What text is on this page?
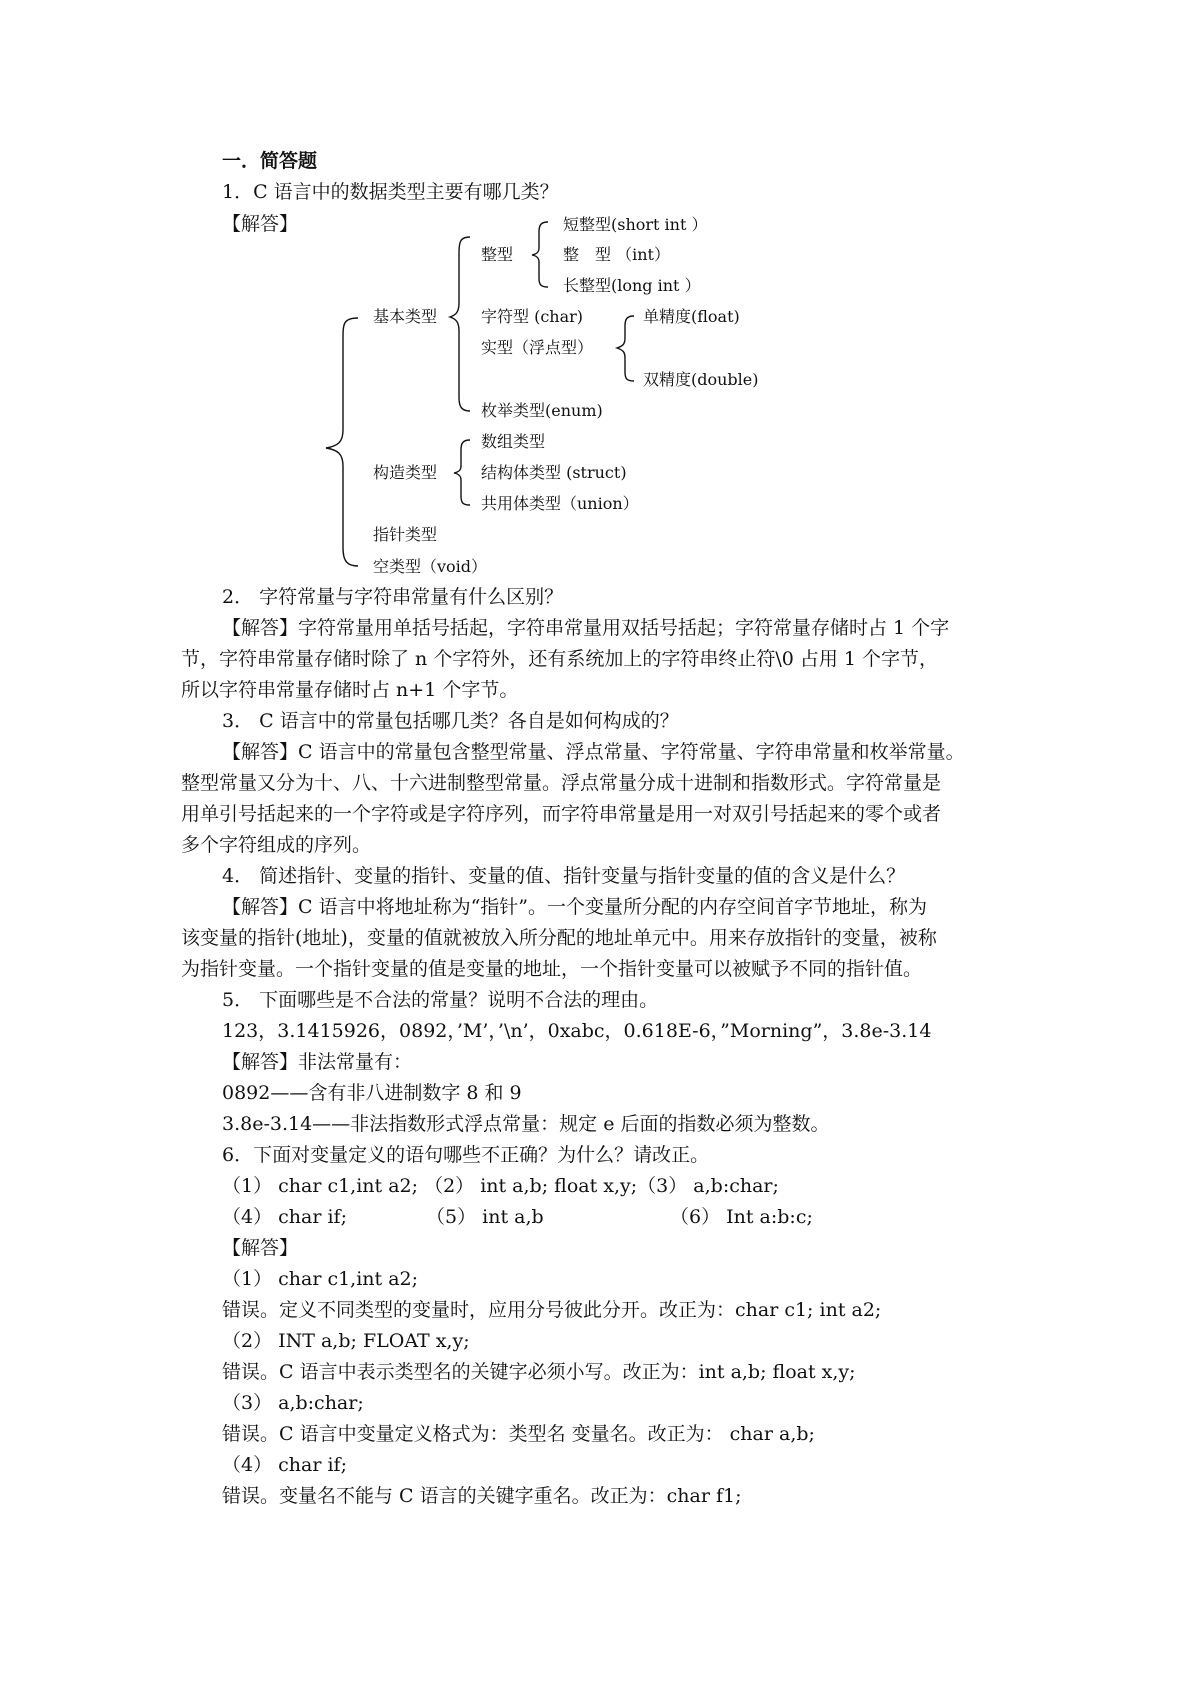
一．简答题
1．C 语言中的数据类型主要有哪几类？
【解答】	短整型(short int ）
整型	整　型 （int）
长整型(long int ）
基本类型	字符型 (char)	单精度(float)
实型（浮点型）
双精度(double)
枚举类型(enum)
数组类型
构造类型	结构体类型 (struct)
共用体类型（union）
指针类型
空类型（void）
2． 字符常量与字符串常量有什么区别？
【解答】字符常量用单括号括起，字符串常量用双括号括起；字符常量存储时占 1 个字
节，字符串常量存储时除了 n 个字符外，还有系统加上的字符串终止符\0 占用 1 个字节，
所以字符串常量存储时占 n+1 个字节。
3． C 语言中的常量包括哪几类？各自是如何构成的？
【解答】C 语言中的常量包含整型常量、浮点常量、字符常量、字符串常量和枚举常量。
整型常量又分为十、八、十六进制整型常量。浮点常量分成十进制和指数形式。字符常量是
用单引号括起来的一个字符或是字符序列，而字符串常量是用一对双引号括起来的零个或者
多个字符组成的序列。
4． 简述指针、变量的指针、变量的值、指针变量与指针变量的值的含义是什么？
【解答】C 语言中将地址称为“指针”。一个变量所分配的内存空间首字节地址，称为
该变量的指针(地址)，变量的值就被放入所分配的地址单元中。用来存放指针的变量，被称
为指针变量。一个指针变量的值是变量的地址，一个指针变量可以被赋予不同的指针值。
5． 下面哪些是不合法的常量？说明不合法的理由。
123，3.1415926，0892，’M’，’\n’，0xabc，0.618E-6，”Morning”，3.8e-3.14
【解答】非法常量有：
0892——含有非八进制数字 8 和 9
3.8e-3.14——非法指数形式浮点常量：规定 e 后面的指数必须为整数。
6．下面对变量定义的语句哪些不正确？为什么？请改正。
（1） char c1,int a2; （2） int a,b; float x,y;（3） a,b:char;
（4） char if;	（5） int a,b	（6） Int a:b:c;
【解答】
（1） char c1,int a2;
错误。定义不同类型的变量时，应用分号彼此分开。改正为：char c1; int a2;
（2） INT a,b; FLOAT x,y;
错误。C 语言中表示类型名的关键字必须小写。改正为：int a,b; float x,y;
（3） a,b:char;
错误。C 语言中变量定义格式为：类型名 变量名。改正为： char a,b;
（4） char if;
错误。变量名不能与 C 语言的关键字重名。改正为：char f1;
